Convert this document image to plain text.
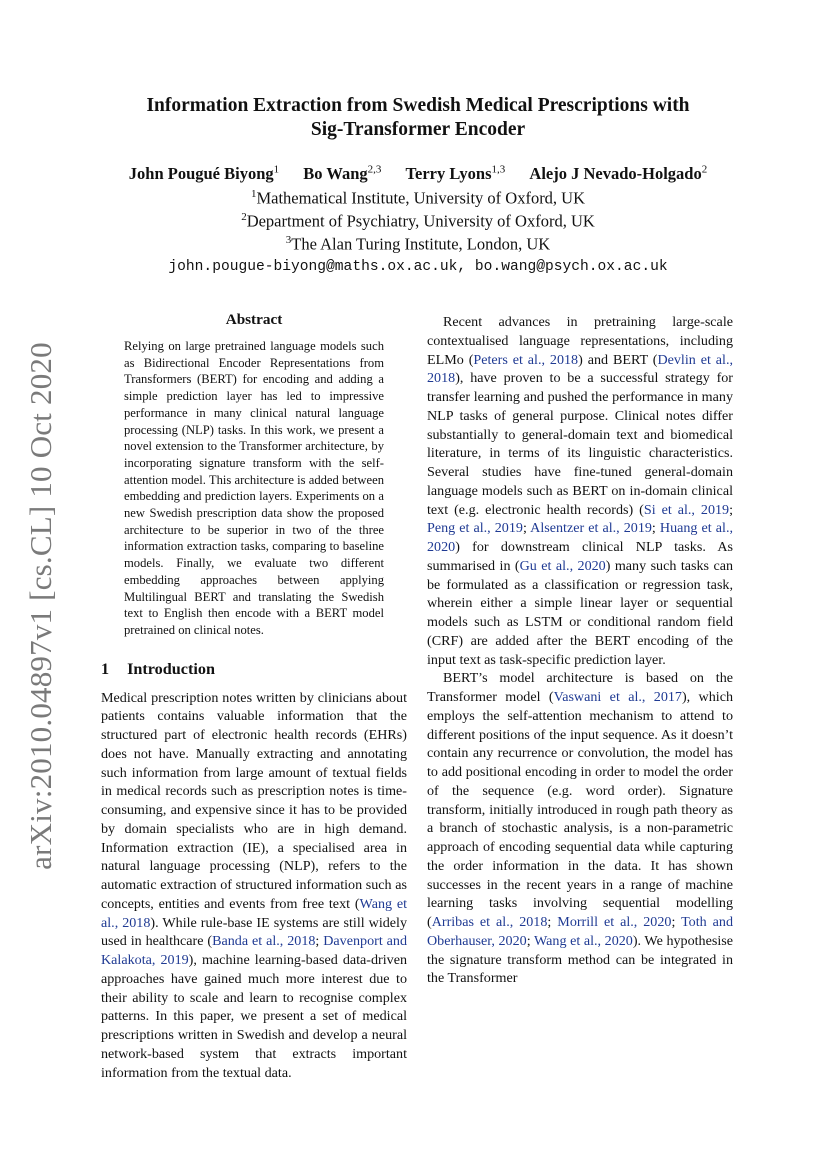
arXiv:2010.04897v1 [cs.CL] 10 Oct 2020

Information Extraction from Swedish Medical Prescriptions with
Sig-Transformer Encoder

John Pougué Biyong$^1$ Bo Wang$^{2,3}$ Terry Lyons$^{1,3}$ Alejo J Nevado-Holgado$^2$
$^1$Mathematical Institute, University of Oxford, UK
$^2$Department of Psychiatry, University of Oxford, UK
$^3$The Alan Turing Institute, London, UK
john.pougue-biyong@maths.ox.ac.uk, bo.wang@psych.ox.ac.uk
Abstract

Relying on large pretrained language models such as Bidirectional Encoder Representations from Transformers (BERT) for encoding and adding a simple prediction layer has led to impressive performance in many clinical natural language processing (NLP) tasks. In this work, we present a novel extension to the Transformer architecture, by incorporating signature transform with the self-attention model. This architecture is added between embedding and prediction layers. Experiments on a new Swedish prescription data show the proposed architecture to be superior in two of the three information extraction tasks, comparing to baseline models. Finally, we evaluate two different embedding approaches between applying Multilingual BERT and translating the Swedish text to English then encode with a BERT model pretrained on clinical notes.

1 Introduction

Medical prescription notes written by clinicians about patients contains valuable information that the structured part of electronic health records (EHRs) does not have. Manually extracting and annotating such information from large amount of textual fields in medical records such as prescription notes is time-consuming, and expensive since it has to be provided by domain specialists who are in high demand. Information extraction (IE), a specialised area in natural language processing (NLP), refers to the automatic extraction of structured information such as concepts, entities and events from free text (Wang et al., 2018). While rule-base IE systems are still widely used in healthcare (Banda et al., 2018; Davenport and Kalakota, 2019), machine learning-based data-driven approaches have gained much more interest due to their ability to scale and learn to recognise complex patterns. In this paper, we present a set of medical prescriptions written in Swedish and develop a neural network-based system that extracts important information from the textual data.

Recent advances in pretraining large-scale contextualised language representations, including ELMo (Peters et al., 2018) and BERT (Devlin et al., 2018), have proven to be a successful strategy for transfer learning and pushed the performance in many NLP tasks of general purpose. Clinical notes differ substantially to general-domain text and biomedical literature, in terms of its linguistic characteristics. Several studies have fine-tuned general-domain language models such as BERT on in-domain clinical text (e.g. electronic health records) (Si et al., 2019; Peng et al., 2019; Alsentzer et al., 2019; Huang et al., 2020) for downstream clinical NLP tasks. As summarised in (Gu et al., 2020) many such tasks can be formulated as a classification or regression task, wherein either a simple linear layer or sequential models such as LSTM or conditional random field (CRF) are added after the BERT encoding of the input text as task-specific prediction layer.

BERT’s model architecture is based on the Transformer model (Vaswani et al., 2017), which employs the self-attention mechanism to attend to different positions of the input sequence. As it doesn’t contain any recurrence or convolution, the model has to add positional encoding in order to model the order of the sequence (e.g. word order). Signature transform, initially introduced in rough path theory as a branch of stochastic analysis, is a non-parametric approach of encoding sequential data while capturing the order information in the data. It has shown successes in the recent years in a range of machine learning tasks involving sequential modelling (Arribas et al., 2018; Morrill et al., 2020; Toth and Oberhauser, 2020; Wang et al., 2020). We hypothesise the signature transform method can be integrated in the Transformer
